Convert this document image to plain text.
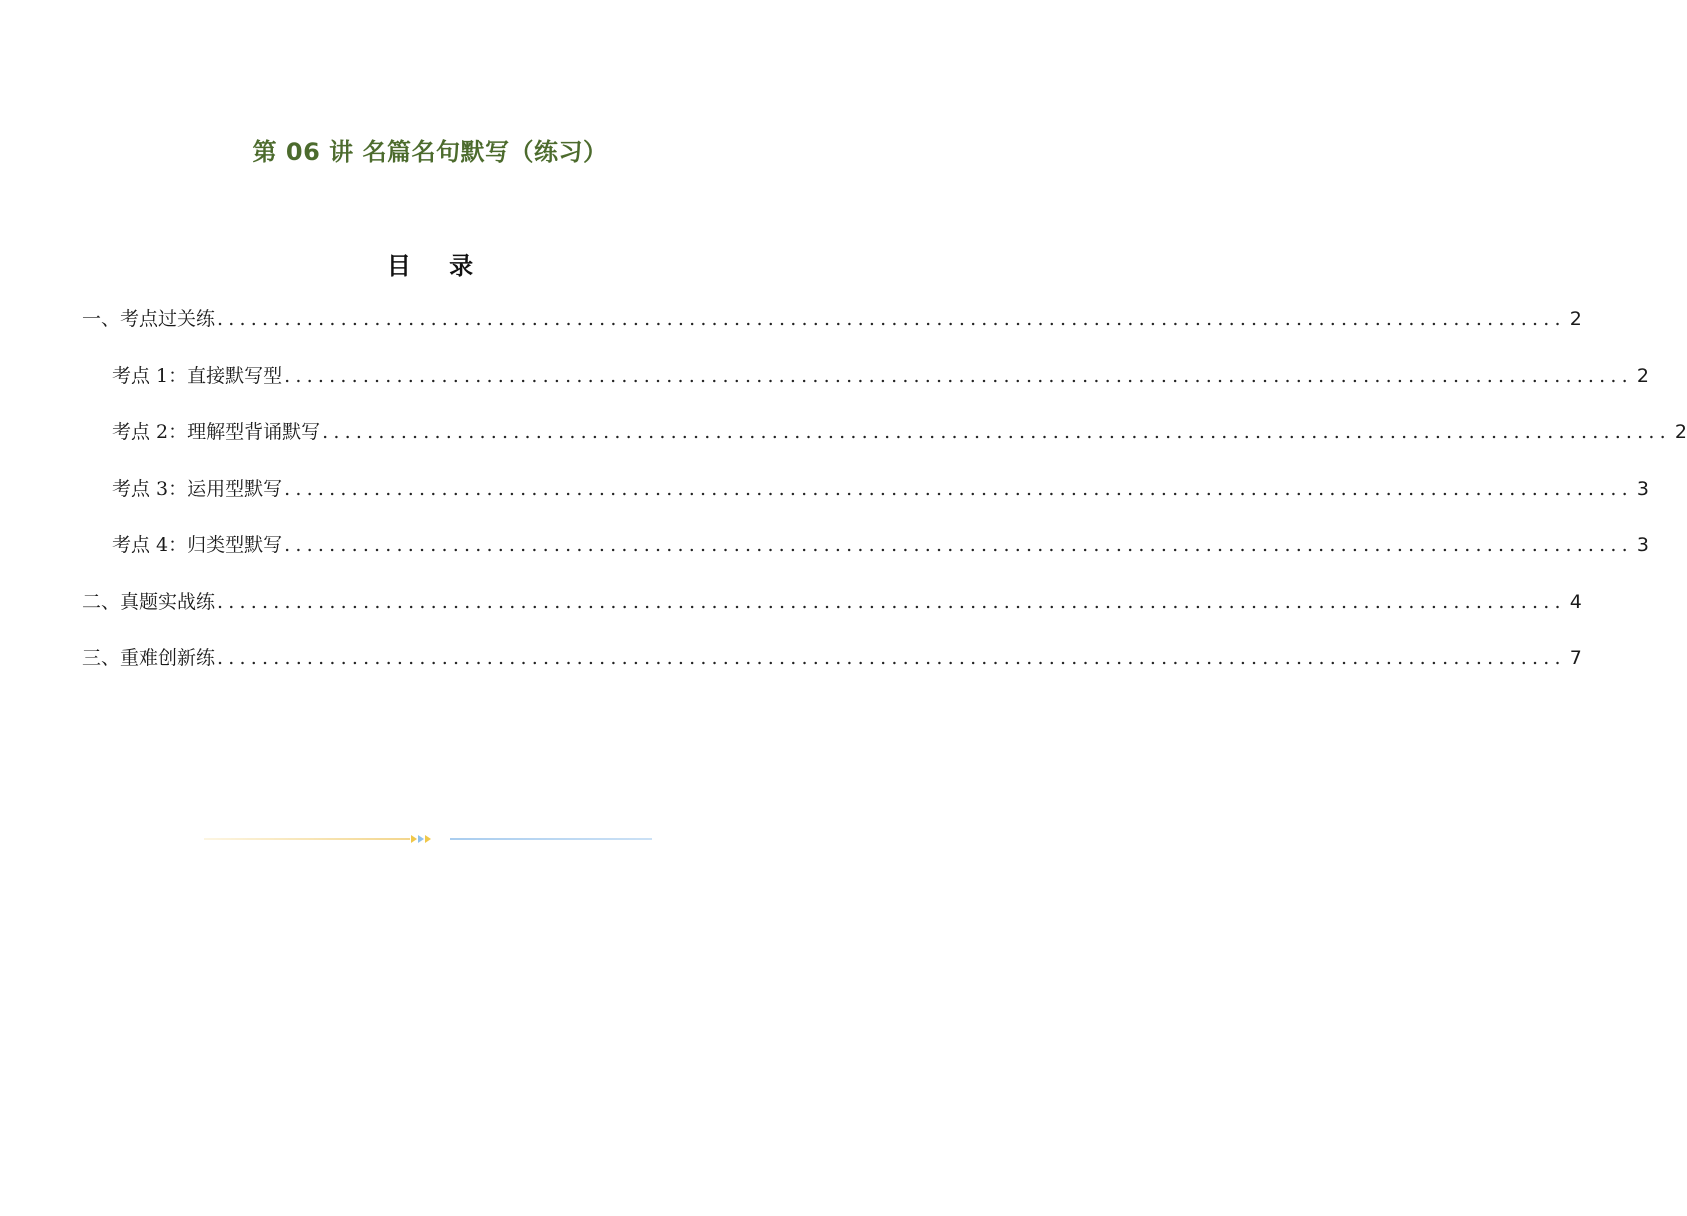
第 06 讲 名篇名句默写（练习）
目 录
一、考点过关练 ........................................................................................................................ 2
考点 1：直接默写型 ........................................................................................................................ 2
考点 2：理解型背诵默写 ........................................................................................................................ 2
考点 3：运用型默写 ........................................................................................................................ 3
考点 4：归类型默写 ........................................................................................................................ 3
二、真题实战练 ........................................................................................................................ 4
三、重难创新练 ........................................................................................................................ 7
